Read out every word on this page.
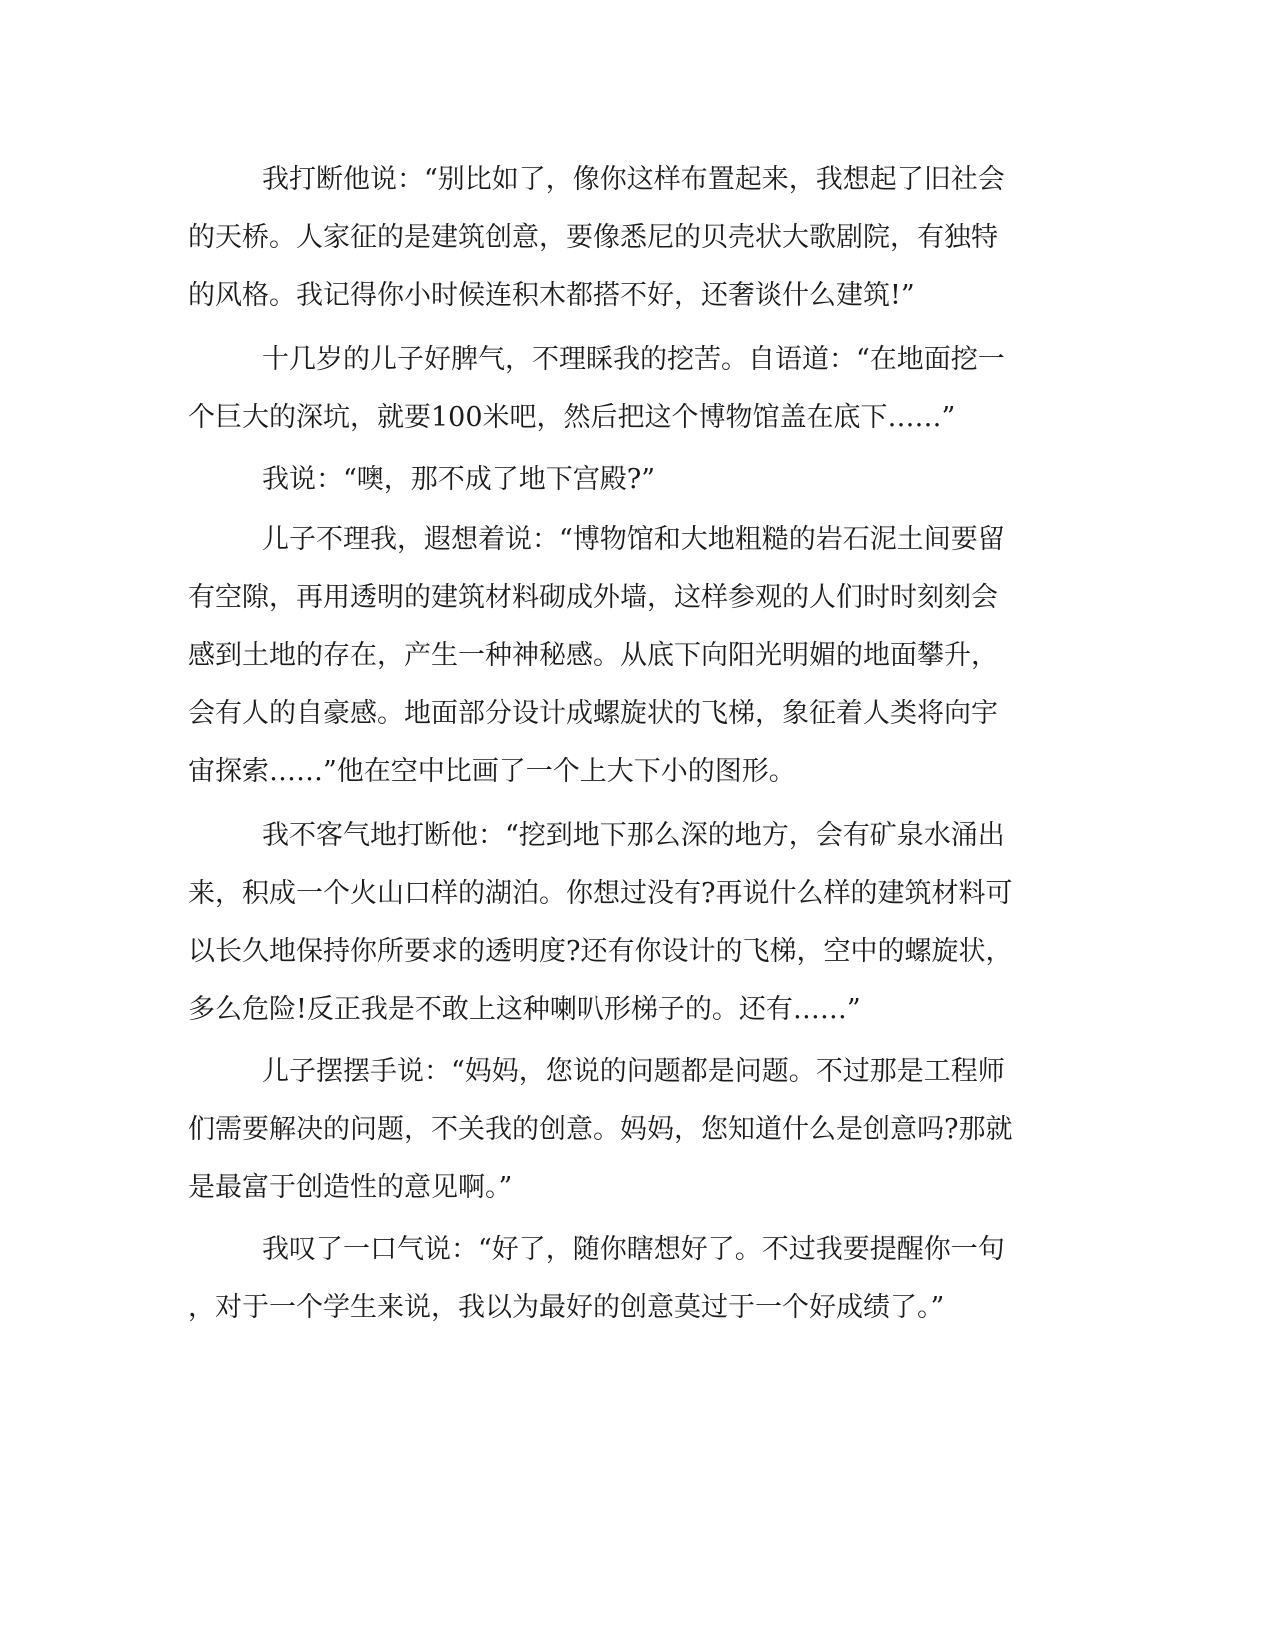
我打断他说：“别比如了，像你这样布置起来，我想起了旧社会
的天桥。人家征的是建筑创意，要像悉尼的贝壳状大歌剧院，有独特
的风格。我记得你小时候连积木都搭不好，还奢谈什么建筑!”
十几岁的儿子好脾气，不理睬我的挖苦。自语道：“在地面挖一
个巨大的深坑，就要100米吧，然后把这个博物馆盖在底下……”
我说：“噢，那不成了地下宫殿?”
儿子不理我，遐想着说：“博物馆和大地粗糙的岩石泥土间要留
有空隙，再用透明的建筑材料砌成外墙，这样参观的人们时时刻刻会
感到土地的存在，产生一种神秘感。从底下向阳光明媚的地面攀升，
会有人的自豪感。地面部分设计成螺旋状的飞梯，象征着人类将向宇
宙探索……”他在空中比画了一个上大下小的图形。
我不客气地打断他：“挖到地下那么深的地方，会有矿泉水涌出
来，积成一个火山口样的湖泊。你想过没有?再说什么样的建筑材料可
以长久地保持你所要求的透明度?还有你设计的飞梯，空中的螺旋状，
多么危险!反正我是不敢上这种喇叭形梯子的。还有……”
儿子摆摆手说：“妈妈，您说的问题都是问题。不过那是工程师
们需要解决的问题，不关我的创意。妈妈，您知道什么是创意吗?那就
是最富于创造性的意见啊。”
我叹了一口气说：“好了，随你瞎想好了。不过我要提醒你一句
，对于一个学生来说，我以为最好的创意莫过于一个好成绩了。”
